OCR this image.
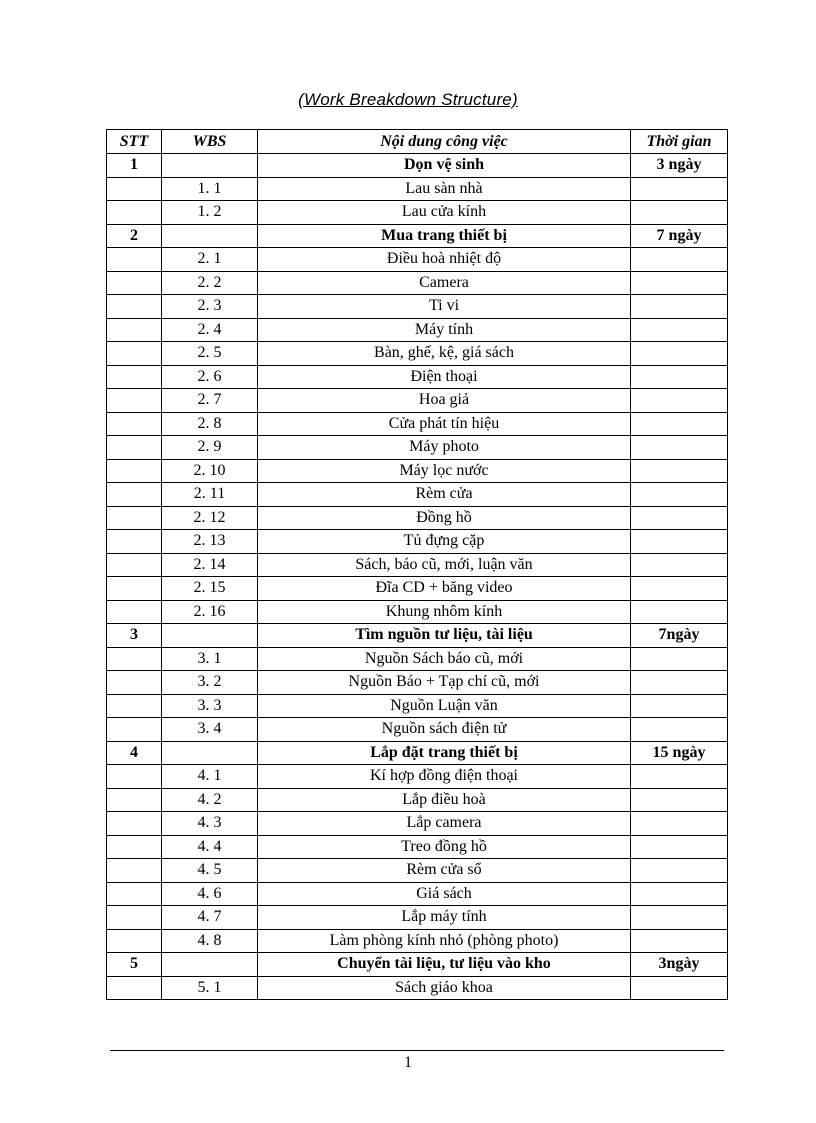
(Work Breakdown Structure)
STT	WBS	Nội dung công việc	Thời gian
1		Dọn vệ sinh	3 ngày
	1. 1	Lau sàn nhà	
	1. 2	Lau cửa kính	
2		Mua trang thiết bị	7 ngày
	2. 1	Điều hoà nhiệt độ	
	2. 2	Camera	
	2. 3	Ti vi	
	2. 4	Máy tính	
	2. 5	Bàn, ghế, kệ, giá sách	
	2. 6	Điện thoại	
	2. 7	Hoa giả	
	2. 8	Cửa phát tín hiệu	
	2. 9	Máy photo	
	2. 10	Máy lọc nước	
	2. 11	Rèm cửa	
	2. 12	Đồng hồ	
	2. 13	Tủ đựng cặp	
	2. 14	Sách, báo cũ, mới, luận văn	
	2. 15	Đĩa CD + băng video	
	2. 16	Khung nhôm kính	
3		Tìm nguồn tư liệu, tài liệu	7ngày
	3. 1	Nguồn Sách báo cũ, mới	
	3. 2	Nguồn Báo + Tạp chí cũ, mới	
	3. 3	Nguồn Luận văn	
	3. 4	Nguồn sách điện tử	
4		Lắp đặt trang thiết bị	15 ngày
	4. 1	Kí hợp đồng điện thoại	
	4. 2	Lắp điều hoà	
	4. 3	Lắp camera	
	4. 4	Treo đồng hồ	
	4. 5	Rèm cửa sổ	
	4. 6	Giá sách	
	4. 7	Lắp máy tính	
	4. 8	Làm phòng kính nhỏ (phòng photo)	
5		Chuyển tài liệu, tư liệu vào kho	3ngày
	5. 1	Sách giáo khoa	
1
